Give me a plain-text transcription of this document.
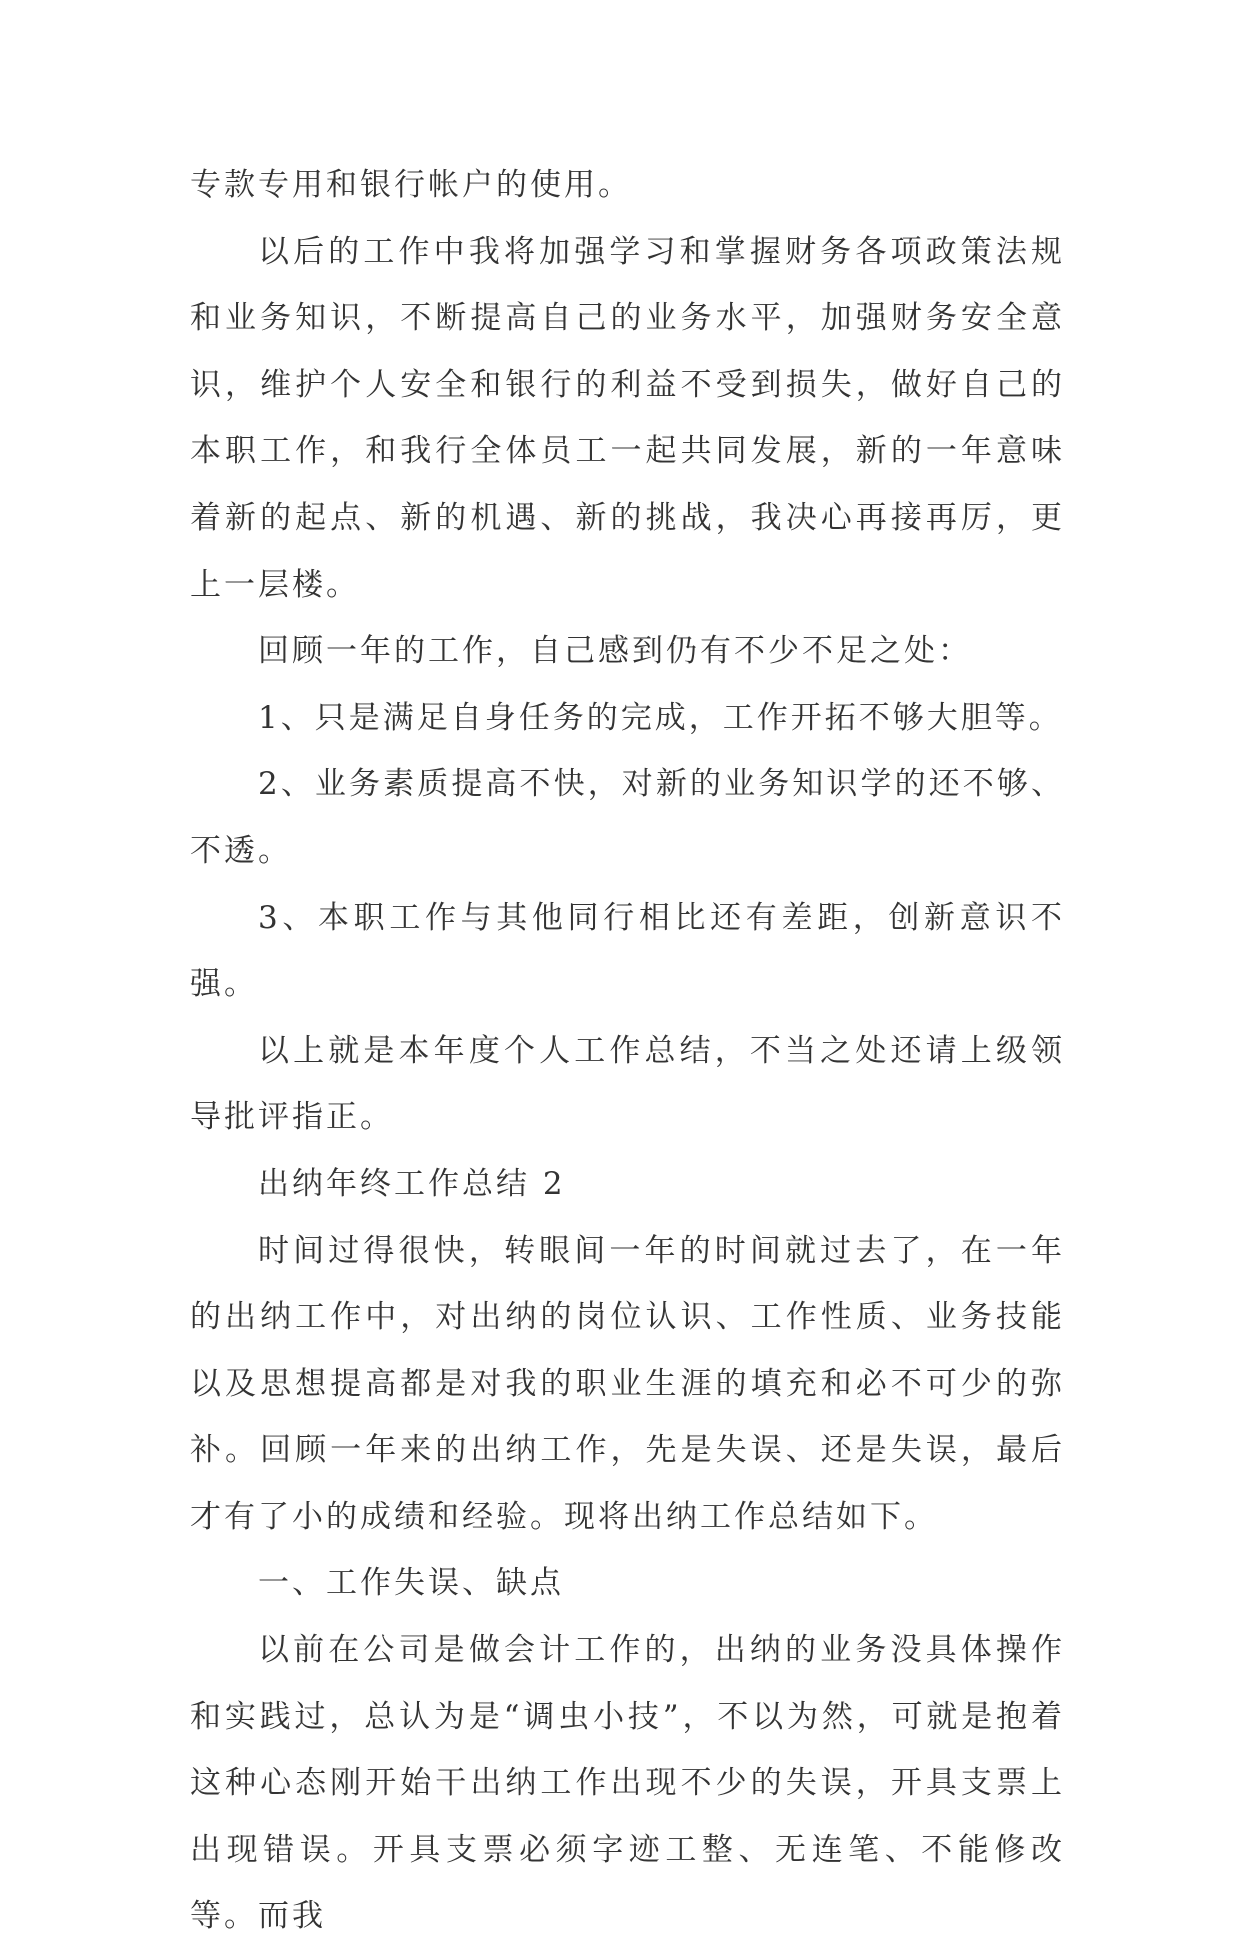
专款专用和银行帐户的使用。

以后的工作中我将加强学习和掌握财务各项政策法规和业务知识，不断提高自己的业务水平，加强财务安全意识，维护个人安全和银行的利益不受到损失，做好自己的本职工作，和我行全体员工一起共同发展，新的一年意味着新的起点、新的机遇、新的挑战，我决心再接再厉，更上一层楼。

回顾一年的工作，自己感到仍有不少不足之处：

1、只是满足自身任务的完成，工作开拓不够大胆等。

2、业务素质提高不快，对新的业务知识学的还不够、不透。

3、本职工作与其他同行相比还有差距，创新意识不强。

以上就是本年度个人工作总结，不当之处还请上级领导批评指正。

出纳年终工作总结 2

时间过得很快，转眼间一年的时间就过去了，在一年的出纳工作中，对出纳的岗位认识、工作性质、业务技能以及思想提高都是对我的职业生涯的填充和必不可少的弥补。回顾一年来的出纳工作，先是失误、还是失误，最后才有了小的成绩和经验。现将出纳工作总结如下。

一、工作失误、缺点

以前在公司是做会计工作的，出纳的业务没具体操作和实践过，总认为是“调虫小技”，不以为然，可就是抱着这种心态刚开始干出纳工作出现不少的失误，开具支票上出现错误。开具支票必须字迹工整、无连笔、不能修改等。而我
